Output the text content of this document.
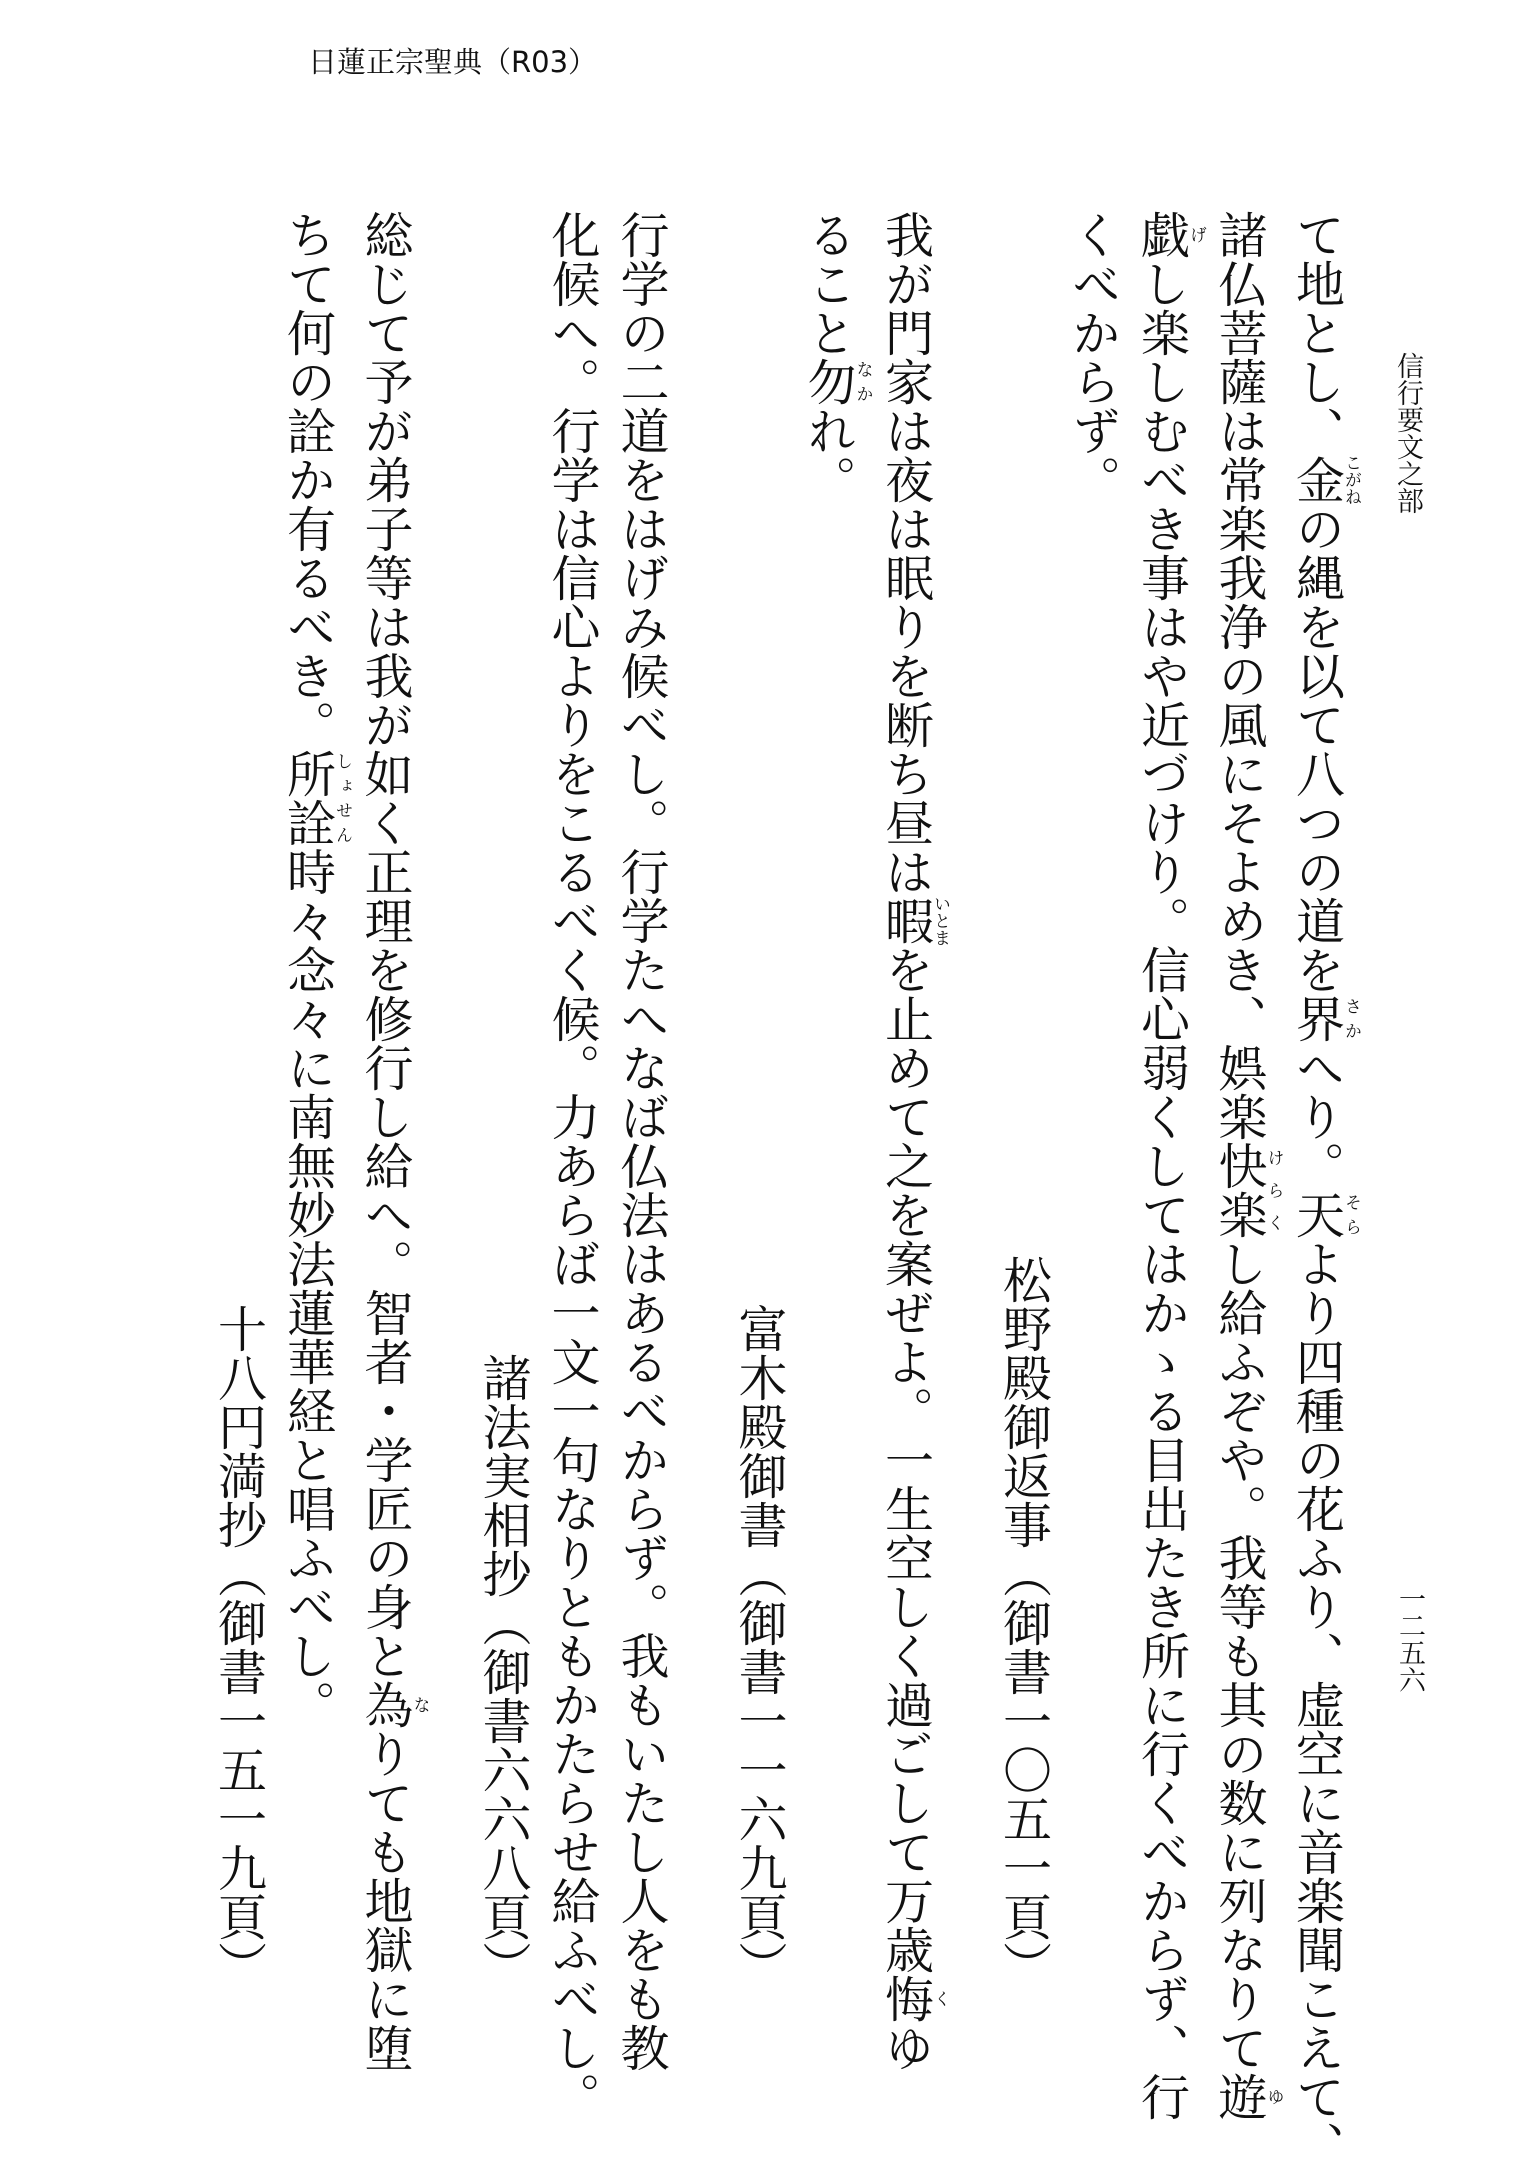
日蓮正宗聖典（R03）
信行要文之部
一二五六

て地とし、金こがねの縄を以て八つの道を界さかへり。天そらより四種の花ふり、虚空に音楽聞こえて、

諸仏菩薩は常楽我浄の風にそよめき、娯楽快楽けらくし給ふぞや。我等も其の数に列なりて遊ゆ

戯げし楽しむべき事はや近づけり。信心弱くしてはかゝる目出たき所に行くべからず、行

くべからず。

松野殿御返事（御書一〇五一頁）

我が門家は夜は眠りを断ち昼は暇いとまを止めて之を案ぜよ。一生空しく過ごして万歳悔くゆ

ること勿なかれ。

富木殿御書（御書一一六九頁）

行学の二道をはげみ候べし。行学たへなば仏法はあるべからず。我もいたし人をも教

化候へ。行学は信心よりをこるべく候。力あらば一文一句なりともかたらせ給ふべし。

諸法実相抄（御書六六八頁）

総じて予が弟子等は我が如く正理を修行し給へ。智者・学匠の身と為なりても地獄に堕

ちて何の詮か有るべき。所詮しょせん時々念々に南無妙法蓮華経と唱ふべし。

十八円満抄（御書一五一九頁）
